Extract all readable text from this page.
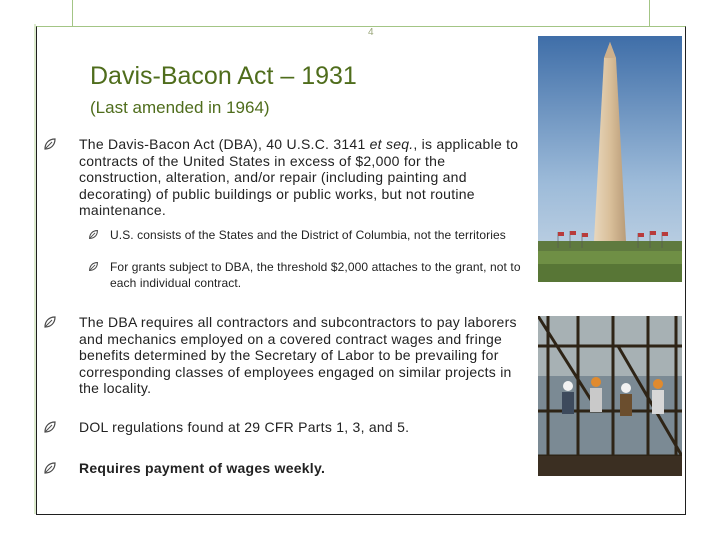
4
Davis-Bacon Act – 1931
(Last amended in 1964)
The Davis-Bacon Act (DBA), 40 U.S.C. 3141 et seq., is applicable to contracts of the United States in excess of $2,000 for the construction, alteration, and/or repair (including painting and decorating) of public buildings or public works, but not routine maintenance.
U.S. consists of the States and the District of Columbia, not the territories
For grants subject to DBA, the threshold $2,000 attaches to the grant, not to each individual contract.
The DBA requires all contractors and subcontractors to pay laborers and mechanics employed on a covered contract wages and fringe benefits determined by the Secretary of Labor to be prevailing for corresponding classes of employees engaged on similar projects in the locality.
DOL regulations found at 29 CFR Parts 1, 3, and 5.
Requires payment of wages weekly.
